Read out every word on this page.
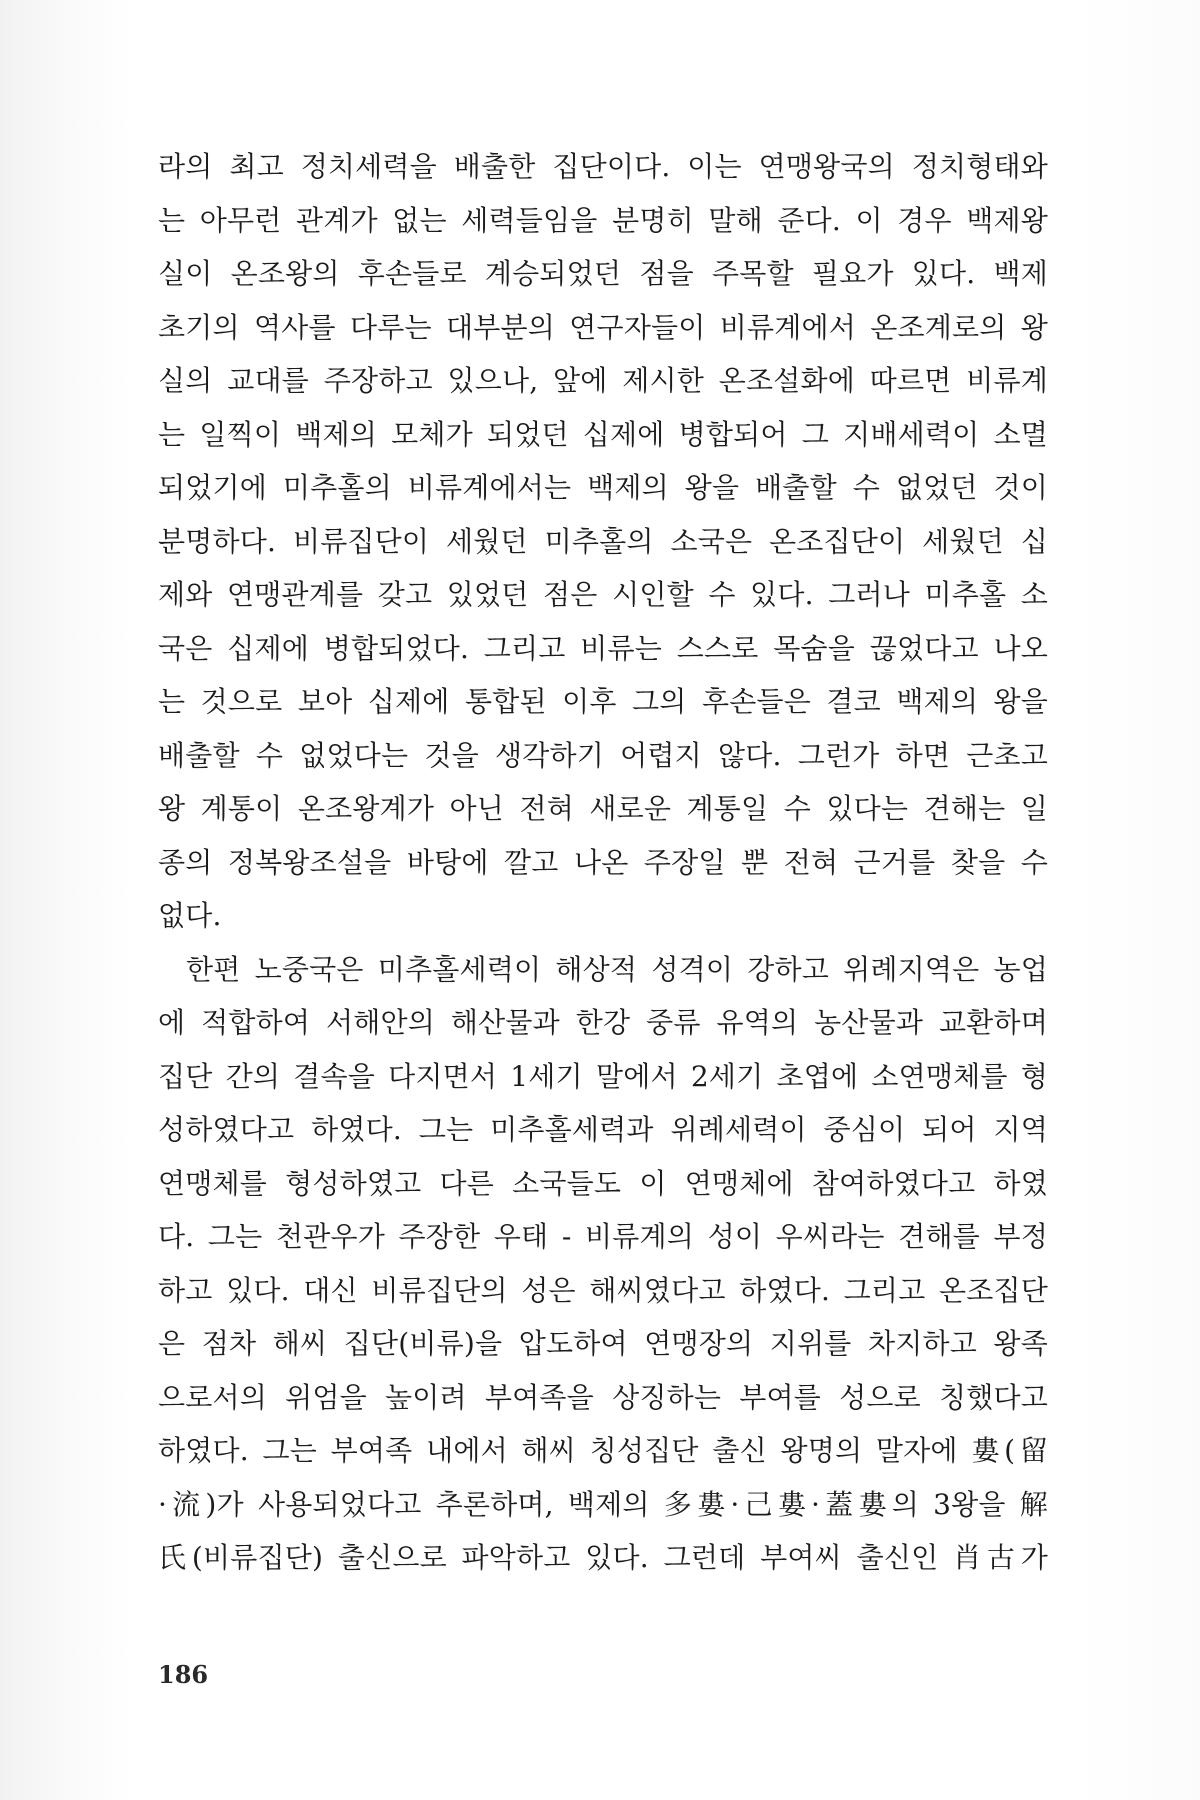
라의 최고 정치세력을 배출한 집단이다. 이는 연맹왕국의 정치형태와
는 아무런 관계가 없는 세력들임을 분명히 말해 준다. 이 경우 백제왕
실이 온조왕의 후손들로 계승되었던 점을 주목할 필요가 있다. 백제
초기의 역사를 다루는 대부분의 연구자들이 비류계에서 온조계로의 왕
실의 교대를 주장하고 있으나, 앞에 제시한 온조설화에 따르면 비류계
는 일찍이 백제의 모체가 되었던 십제에 병합되어 그 지배세력이 소멸
되었기에 미추홀의 비류계에서는 백제의 왕을 배출할 수 없었던 것이
분명하다. 비류집단이 세웠던 미추홀의 소국은 온조집단이 세웠던 십
제와 연맹관계를 갖고 있었던 점은 시인할 수 있다. 그러나 미추홀 소
국은 십제에 병합되었다. 그리고 비류는 스스로 목숨을 끊었다고 나오
는 것으로 보아 십제에 통합된 이후 그의 후손들은 결코 백제의 왕을
배출할 수 없었다는 것을 생각하기 어렵지 않다. 그런가 하면 근초고
왕 계통이 온조왕계가 아닌 전혀 새로운 계통일 수 있다는 견해는 일
종의 정복왕조설을 바탕에 깔고 나온 주장일 뿐 전혀 근거를 찾을 수
없다.
한편 노중국은 미추홀세력이 해상적 성격이 강하고 위례지역은 농업
에 적합하여 서해안의 해산물과 한강 중류 유역의 농산물과 교환하며
집단 간의 결속을 다지면서 1세기 말에서 2세기 초엽에 소연맹체를 형
성하였다고 하였다. 그는 미추홀세력과 위례세력이 중심이 되어 지역
연맹체를 형성하였고 다른 소국들도 이 연맹체에 참여하였다고 하였
다. 그는 천관우가 주장한 우태 - 비류계의 성이 우씨라는 견해를 부정
하고 있다. 대신 비류집단의 성은 해씨였다고 하였다. 그리고 온조집단
은 점차 해씨 집단(비류)을 압도하여 연맹장의 지위를 차지하고 왕족
으로서의 위엄을 높이려 부여족을 상징하는 부여를 성으로 칭했다고
하였다. 그는 부여족 내에서 해씨 칭성집단 출신 왕명의 말자에 婁(留
·流)가 사용되었다고 추론하며, 백제의 多婁·己婁·蓋婁의 3왕을 解
氏(비류집단) 출신으로 파악하고 있다. 그런데 부여씨 출신인 肖古가
186
